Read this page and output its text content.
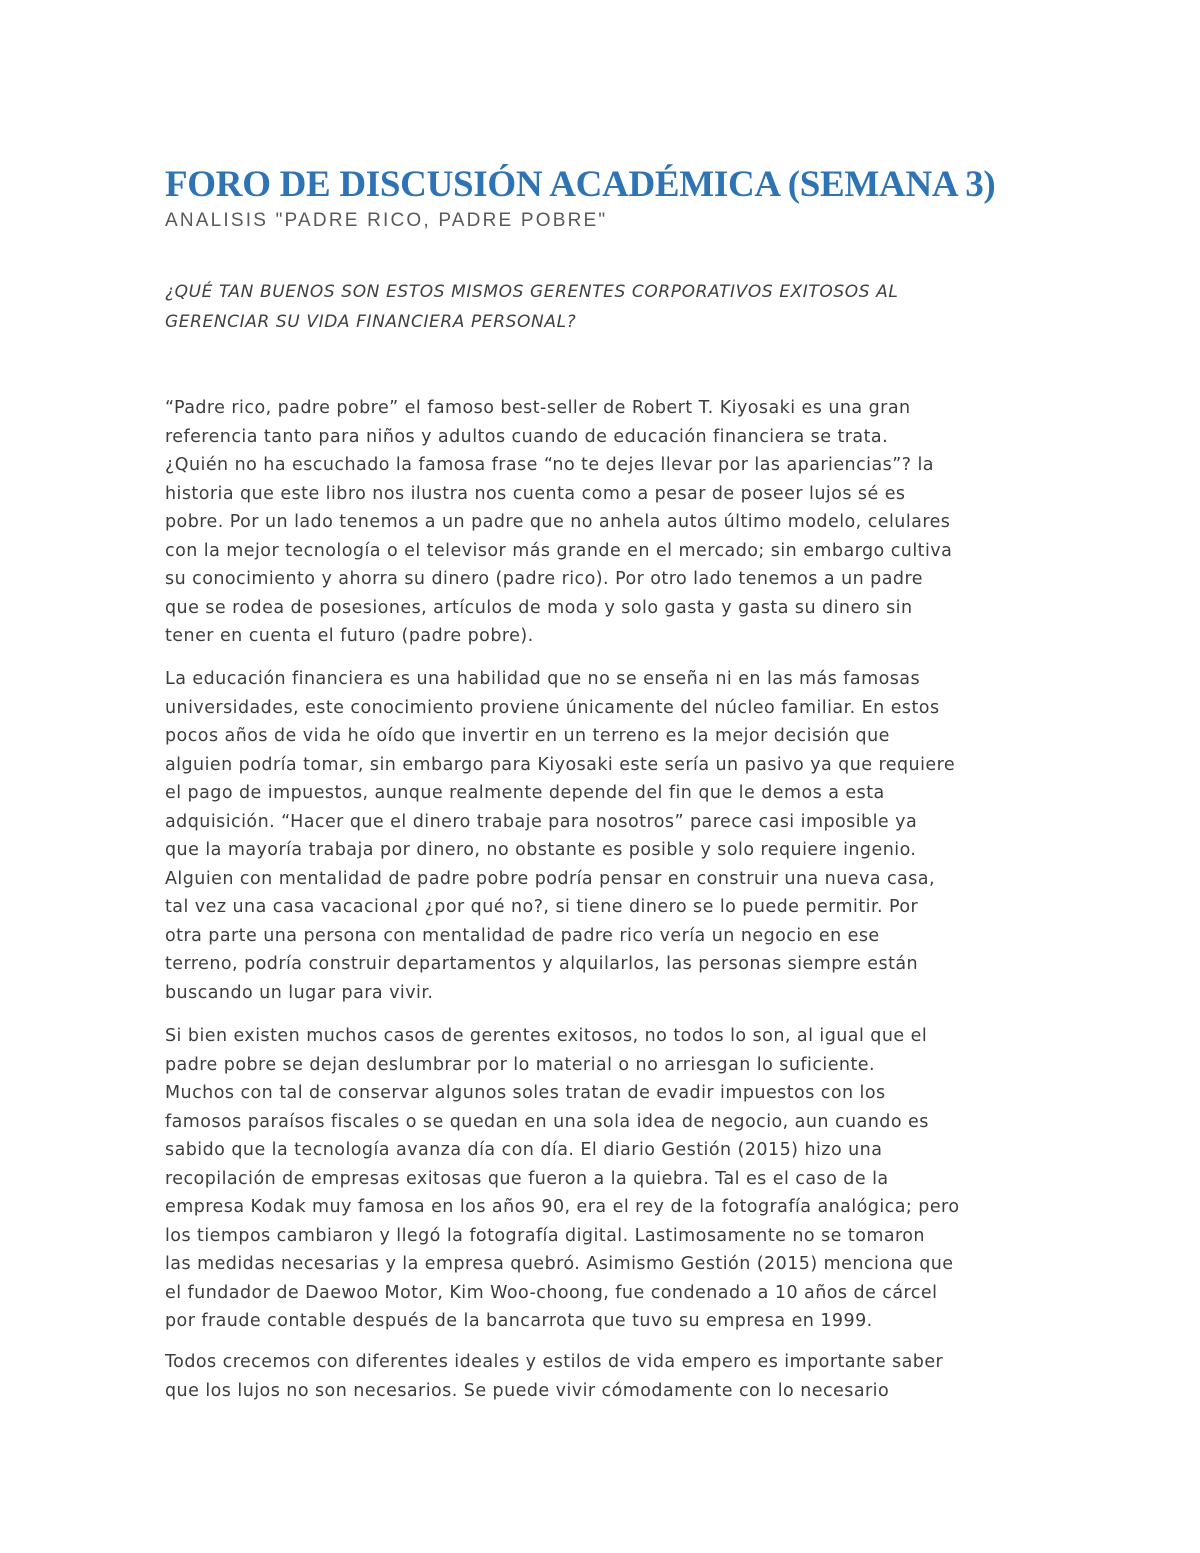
FORO DE DISCUSIÓN ACADÉMICA (SEMANA 3)

ANALISIS "PADRE RICO, PADRE POBRE"

¿QUÉ TAN BUENOS SON ESTOS MISMOS GERENTES CORPORATIVOS EXITOSOS AL
GERENCIAR SU VIDA FINANCIERA PERSONAL?

“Padre rico, padre pobre” el famoso best-seller de Robert T. Kiyosaki es una gran
referencia tanto para niños y adultos cuando de educación financiera se trata.
¿Quién no ha escuchado la famosa frase “no te dejes llevar por las apariencias”? la
historia que este libro nos ilustra nos cuenta como a pesar de poseer lujos sé es
pobre. Por un lado tenemos a un padre que no anhela autos último modelo, celulares
con la mejor tecnología o el televisor más grande en el mercado; sin embargo cultiva
su conocimiento y ahorra su dinero (padre rico). Por otro lado tenemos a un padre
que se rodea de posesiones, artículos de moda y solo gasta y gasta su dinero sin
tener en cuenta el futuro (padre pobre).
La educación financiera es una habilidad que no se enseña ni en las más famosas
universidades, este conocimiento proviene únicamente del núcleo familiar. En estos
pocos años de vida he oído que invertir en un terreno es la mejor decisión que
alguien podría tomar, sin embargo para Kiyosaki este sería un pasivo ya que requiere
el pago de impuestos, aunque realmente depende del fin que le demos a esta
adquisición. “Hacer que el dinero trabaje para nosotros” parece casi imposible ya
que la mayoría trabaja por dinero, no obstante es posible y solo requiere ingenio.
Alguien con mentalidad de padre pobre podría pensar en construir una nueva casa,
tal vez una casa vacacional ¿por qué no?, si tiene dinero se lo puede permitir. Por
otra parte una persona con mentalidad de padre rico vería un negocio en ese
terreno, podría construir departamentos y alquilarlos, las personas siempre están
buscando un lugar para vivir.
Si bien existen muchos casos de gerentes exitosos, no todos lo son, al igual que el
padre pobre se dejan deslumbrar por lo material o no arriesgan lo suficiente.
Muchos con tal de conservar algunos soles tratan de evadir impuestos con los
famosos paraísos fiscales o se quedan en una sola idea de negocio, aun cuando es
sabido que la tecnología avanza día con día. El diario Gestión (2015) hizo una
recopilación de empresas exitosas que fueron a la quiebra. Tal es el caso de la
empresa Kodak muy famosa en los años 90, era el rey de la fotografía analógica; pero
los tiempos cambiaron y llegó la fotografía digital. Lastimosamente no se tomaron
las medidas necesarias y la empresa quebró. Asimismo Gestión (2015) menciona que
el fundador de Daewoo Motor, Kim Woo-choong, fue condenado a 10 años de cárcel
por fraude contable después de la bancarrota que tuvo su empresa en 1999.
Todos crecemos con diferentes ideales y estilos de vida empero es importante saber
que los lujos no son necesarios. Se puede vivir cómodamente con lo necesario
